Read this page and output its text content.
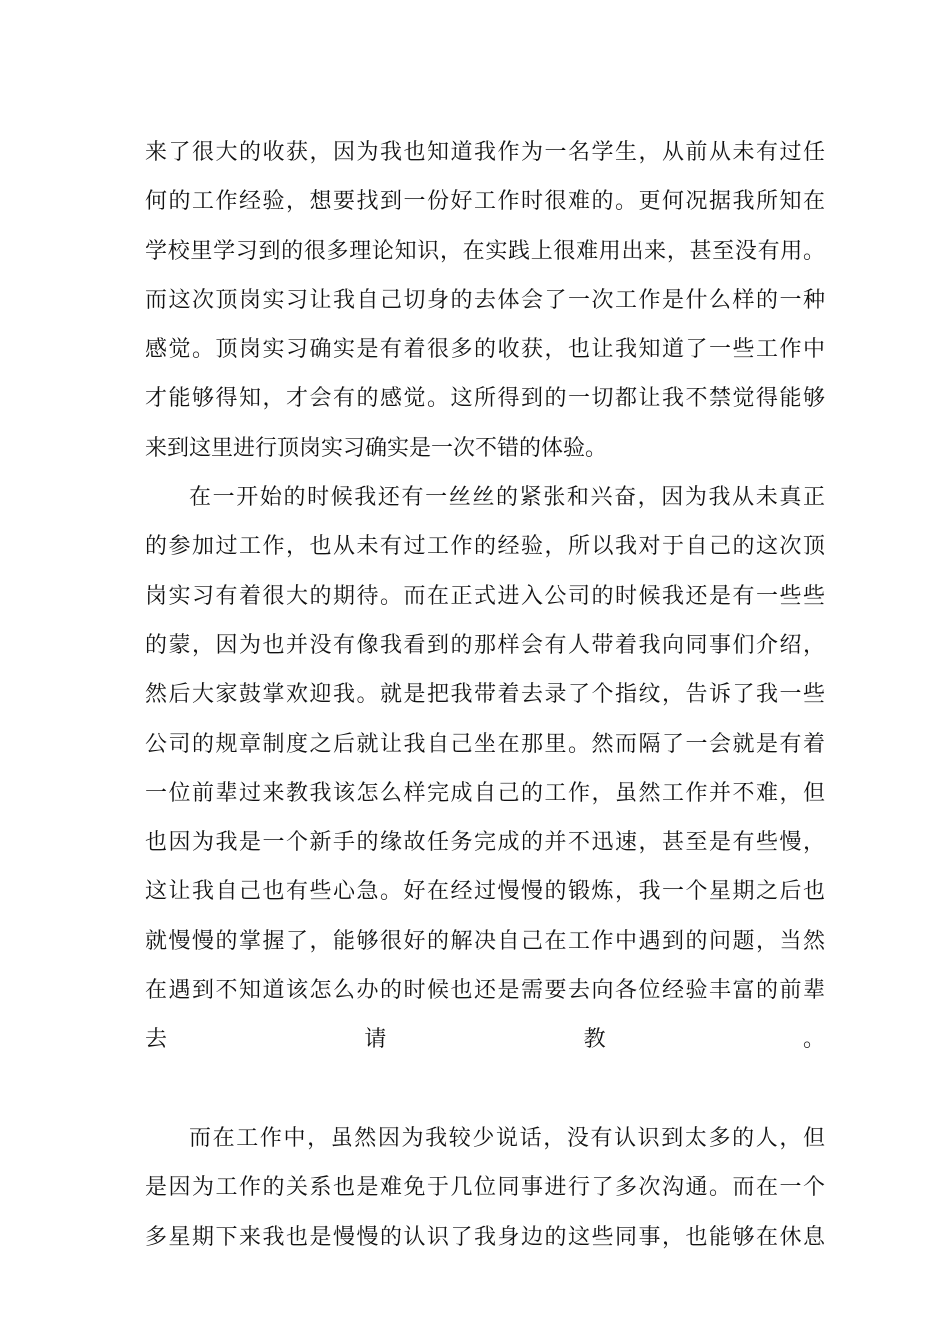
来了很大的收获，因为我也知道我作为一名学生，从前从未有过任
何的工作经验，想要找到一份好工作时很难的。更何况据我所知在
学校里学习到的很多理论知识，在实践上很难用出来，甚至没有用。
而这次顶岗实习让我自己切身的去体会了一次工作是什么样的一种
感觉。顶岗实习确实是有着很多的收获，也让我知道了一些工作中
才能够得知，才会有的感觉。这所得到的一切都让我不禁觉得能够
来到这里进行顶岗实习确实是一次不错的体验。
在一开始的时候我还有一丝丝的紧张和兴奋，因为我从未真正
的参加过工作，也从未有过工作的经验，所以我对于自己的这次顶
岗实习有着很大的期待。而在正式进入公司的时候我还是有一些些
的蒙，因为也并没有像我看到的那样会有人带着我向同事们介绍，
然后大家鼓掌欢迎我。就是把我带着去录了个指纹，告诉了我一些
公司的规章制度之后就让我自己坐在那里。然而隔了一会就是有着
一位前辈过来教我该怎么样完成自己的工作，虽然工作并不难，但
也因为我是一个新手的缘故任务完成的并不迅速，甚至是有些慢，
这让我自己也有些心急。好在经过慢慢的锻炼，我一个星期之后也
就慢慢的掌握了，能够很好的解决自己在工作中遇到的问题，当然
在遇到不知道该怎么办的时候也还是需要去向各位经验丰富的前辈
去请教。
而在工作中，虽然因为我较少说话，没有认识到太多的人，但
是因为工作的关系也是难免于几位同事进行了多次沟通。而在一个
多星期下来我也是慢慢的认识了我身边的这些同事，也能够在休息
